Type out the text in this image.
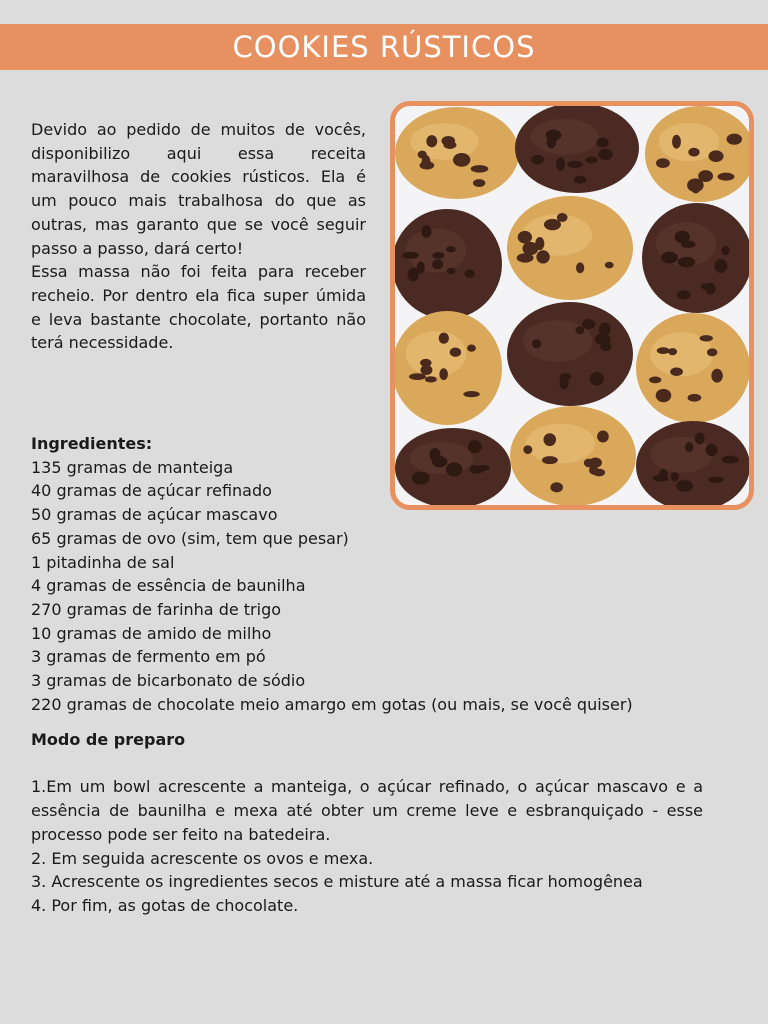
COOKIES RÚSTICOS

Devido ao pedido de muitos de vocês, disponibilizo aqui essa receita maravilhosa de cookies rústicos. Ela é um pouco mais trabalhosa do que as outras, mas garanto que se você seguir passo a passo, dará certo!

Essa massa não foi feita para receber recheio. Por dentro ela fica super úmida e leva bastante chocolate, portanto não terá necessidade.

Ingredientes:
135 gramas de manteiga
40 gramas de açúcar refinado
50 gramas de açúcar mascavo
65 gramas de ovo (sim, tem que pesar)
1 pitadinha de sal
4 gramas de essência de baunilha
270 gramas de farinha de trigo
10 gramas de amido de milho
3 gramas de fermento em pó
3 gramas de bicarbonato de sódio
220 gramas de chocolate meio amargo em gotas (ou mais, se você quiser)
Modo de preparo

1.Em um bowl acrescente a manteiga, o açúcar refinado, o açúcar mascavo e a essência de baunilha e mexa até obter um creme leve e esbranquiçado - esse processo pode ser feito na batedeira.

2. Em seguida acrescente os ovos e mexa.

3. Acrescente os ingredientes secos e misture até a massa ficar homogênea

4. Por fim, as gotas de chocolate.
